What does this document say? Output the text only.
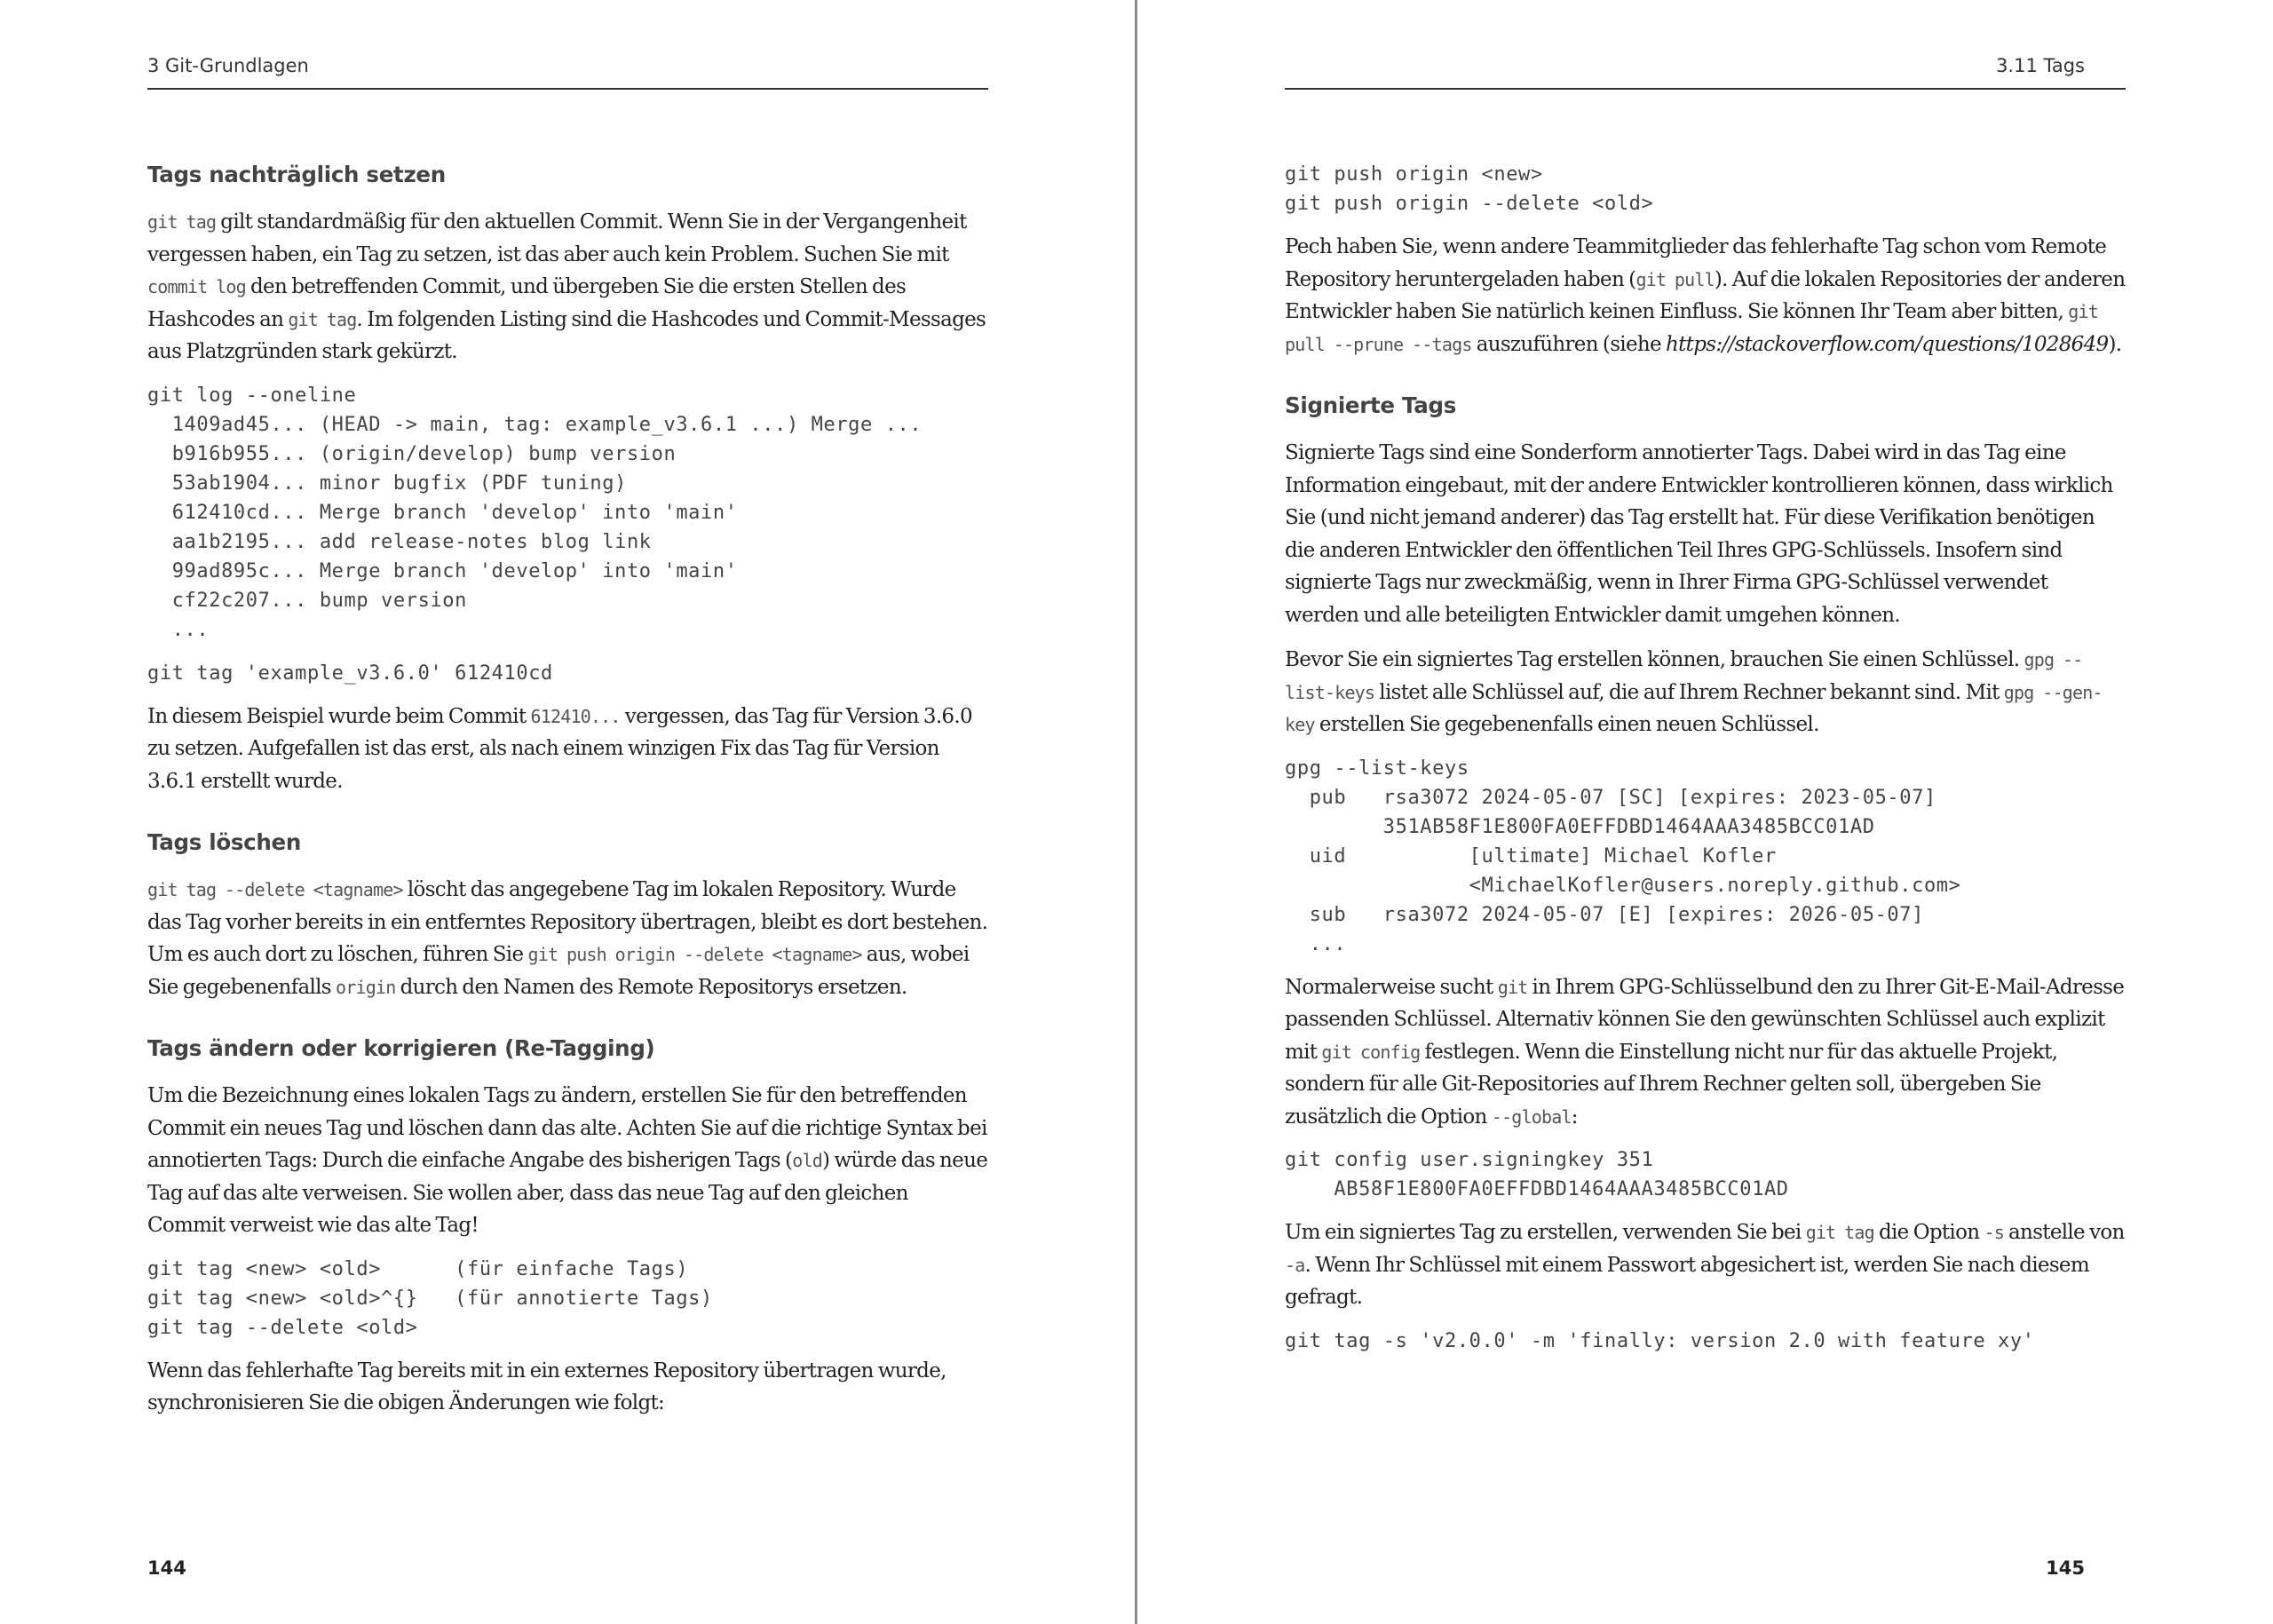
3 Git-Grundlagen
Tags nachträglich setzen

git tag gilt standardmäßig für den aktuellen Commit. Wenn Sie in der Vergangenheit vergessen haben, ein Tag zu setzen, ist das aber auch kein Problem. Suchen Sie mit commit log den betreffenden Commit, und übergeben Sie die ersten Stellen des Hashcodes an git tag. Im folgenden Listing sind die Hashcodes und Commit-Messages aus Platzgründen stark gekürzt.

git log --oneline
1409ad45... (HEAD -> main, tag: example_v3.6.1 ...) Merge ...
b916b955... (origin/develop) bump version
53ab1904... minor bugfix (PDF tuning)
612410cd... Merge branch 'develop' into 'main'
aa1b2195... add release-notes blog link
99ad895c... Merge branch 'develop' into 'main'
cf22c207... bump version
...
git tag 'example_v3.6.0' 612410cd

In diesem Beispiel wurde beim Commit 612410... vergessen, das Tag für Version 3.6.0 zu setzen. Aufgefallen ist das erst, als nach einem winzigen Fix das Tag für Version 3.6.1 erstellt wurde.

Tags löschen

git tag --delete <tagname> löscht das angegebene Tag im lokalen Repository. Wurde das Tag vorher bereits in ein entferntes Repository übertragen, bleibt es dort bestehen. Um es auch dort zu löschen, führen Sie git push origin --delete <tagname> aus, wobei Sie gegebenenfalls origin durch den Namen des Remote Repositorys ersetzen.

Tags ändern oder korrigieren (Re-Tagging)

Um die Bezeichnung eines lokalen Tags zu ändern, erstellen Sie für den betreffenden Commit ein neues Tag und löschen dann das alte. Achten Sie auf die richtige Syntax bei annotierten Tags: Durch die einfache Angabe des bisherigen Tags (old) würde das neue Tag auf das alte verweisen. Sie wollen aber, dass das neue Tag auf den gleichen Commit verweist wie das alte Tag!

git tag <new> <old>      (für einfache Tags)
git tag <new> <old>^{}   (für annotierte Tags)
git tag --delete <old>

Wenn das fehlerhafte Tag bereits mit in ein externes Repository übertragen wurde, synchronisieren Sie die obigen Änderungen wie folgt:

144
3.11 Tags
git push origin <new>
git push origin --delete <old>

Pech haben Sie, wenn andere Teammitglieder das fehlerhafte Tag schon vom Remote Repository heruntergeladen haben (git pull). Auf die lokalen Repositories der anderen Entwickler haben Sie natürlich keinen Einfluss. Sie können Ihr Team aber bitten, git pull --prune --tags auszuführen (siehe https://stackoverflow.com/questions/1028649).

Signierte Tags

Signierte Tags sind eine Sonderform annotierter Tags. Dabei wird in das Tag eine Information eingebaut, mit der andere Entwickler kontrollieren können, dass wirklich Sie (und nicht jemand anderer) das Tag erstellt hat. Für diese Verifikation benötigen die anderen Entwickler den öffentlichen Teil Ihres GPG-Schlüssels. Insofern sind signierte Tags nur zweckmäßig, wenn in Ihrer Firma GPG-Schlüssel verwendet werden und alle beteiligten Entwickler damit umgehen können.

Bevor Sie ein signiertes Tag erstellen können, brauchen Sie einen Schlüssel. gpg --list-keys listet alle Schlüssel auf, die auf Ihrem Rechner bekannt sind. Mit gpg --gen-key erstellen Sie gegebenenfalls einen neuen Schlüssel.

gpg --list-keys
pub   rsa3072 2024-05-07 [SC] [expires: 2023-05-07]
351AB58F1E800FA0EFFDBD1464AAA3485BCC01AD
uid          [ultimate] Michael Kofler
<MichaelKofler@users.noreply.github.com>
sub   rsa3072 2024-05-07 [E] [expires: 2026-05-07]
...

Normalerweise sucht git in Ihrem GPG-Schlüsselbund den zu Ihrer Git-E-Mail-Adresse passenden Schlüssel. Alternativ können Sie den gewünschten Schlüssel auch explizit mit git config festlegen. Wenn die Einstellung nicht nur für das aktuelle Projekt, sondern für alle Git-Repositories auf Ihrem Rechner gelten soll, übergeben Sie zusätzlich die Option --global:

git config user.signingkey 351
AB58F1E800FA0EFFDBD1464AAA3485BCC01AD

Um ein signiertes Tag zu erstellen, verwenden Sie bei git tag die Option -s anstelle von -a. Wenn Ihr Schlüssel mit einem Passwort abgesichert ist, werden Sie nach diesem gefragt.

git tag -s 'v2.0.0' -m 'finally: version 2.0 with feature xy'
145
